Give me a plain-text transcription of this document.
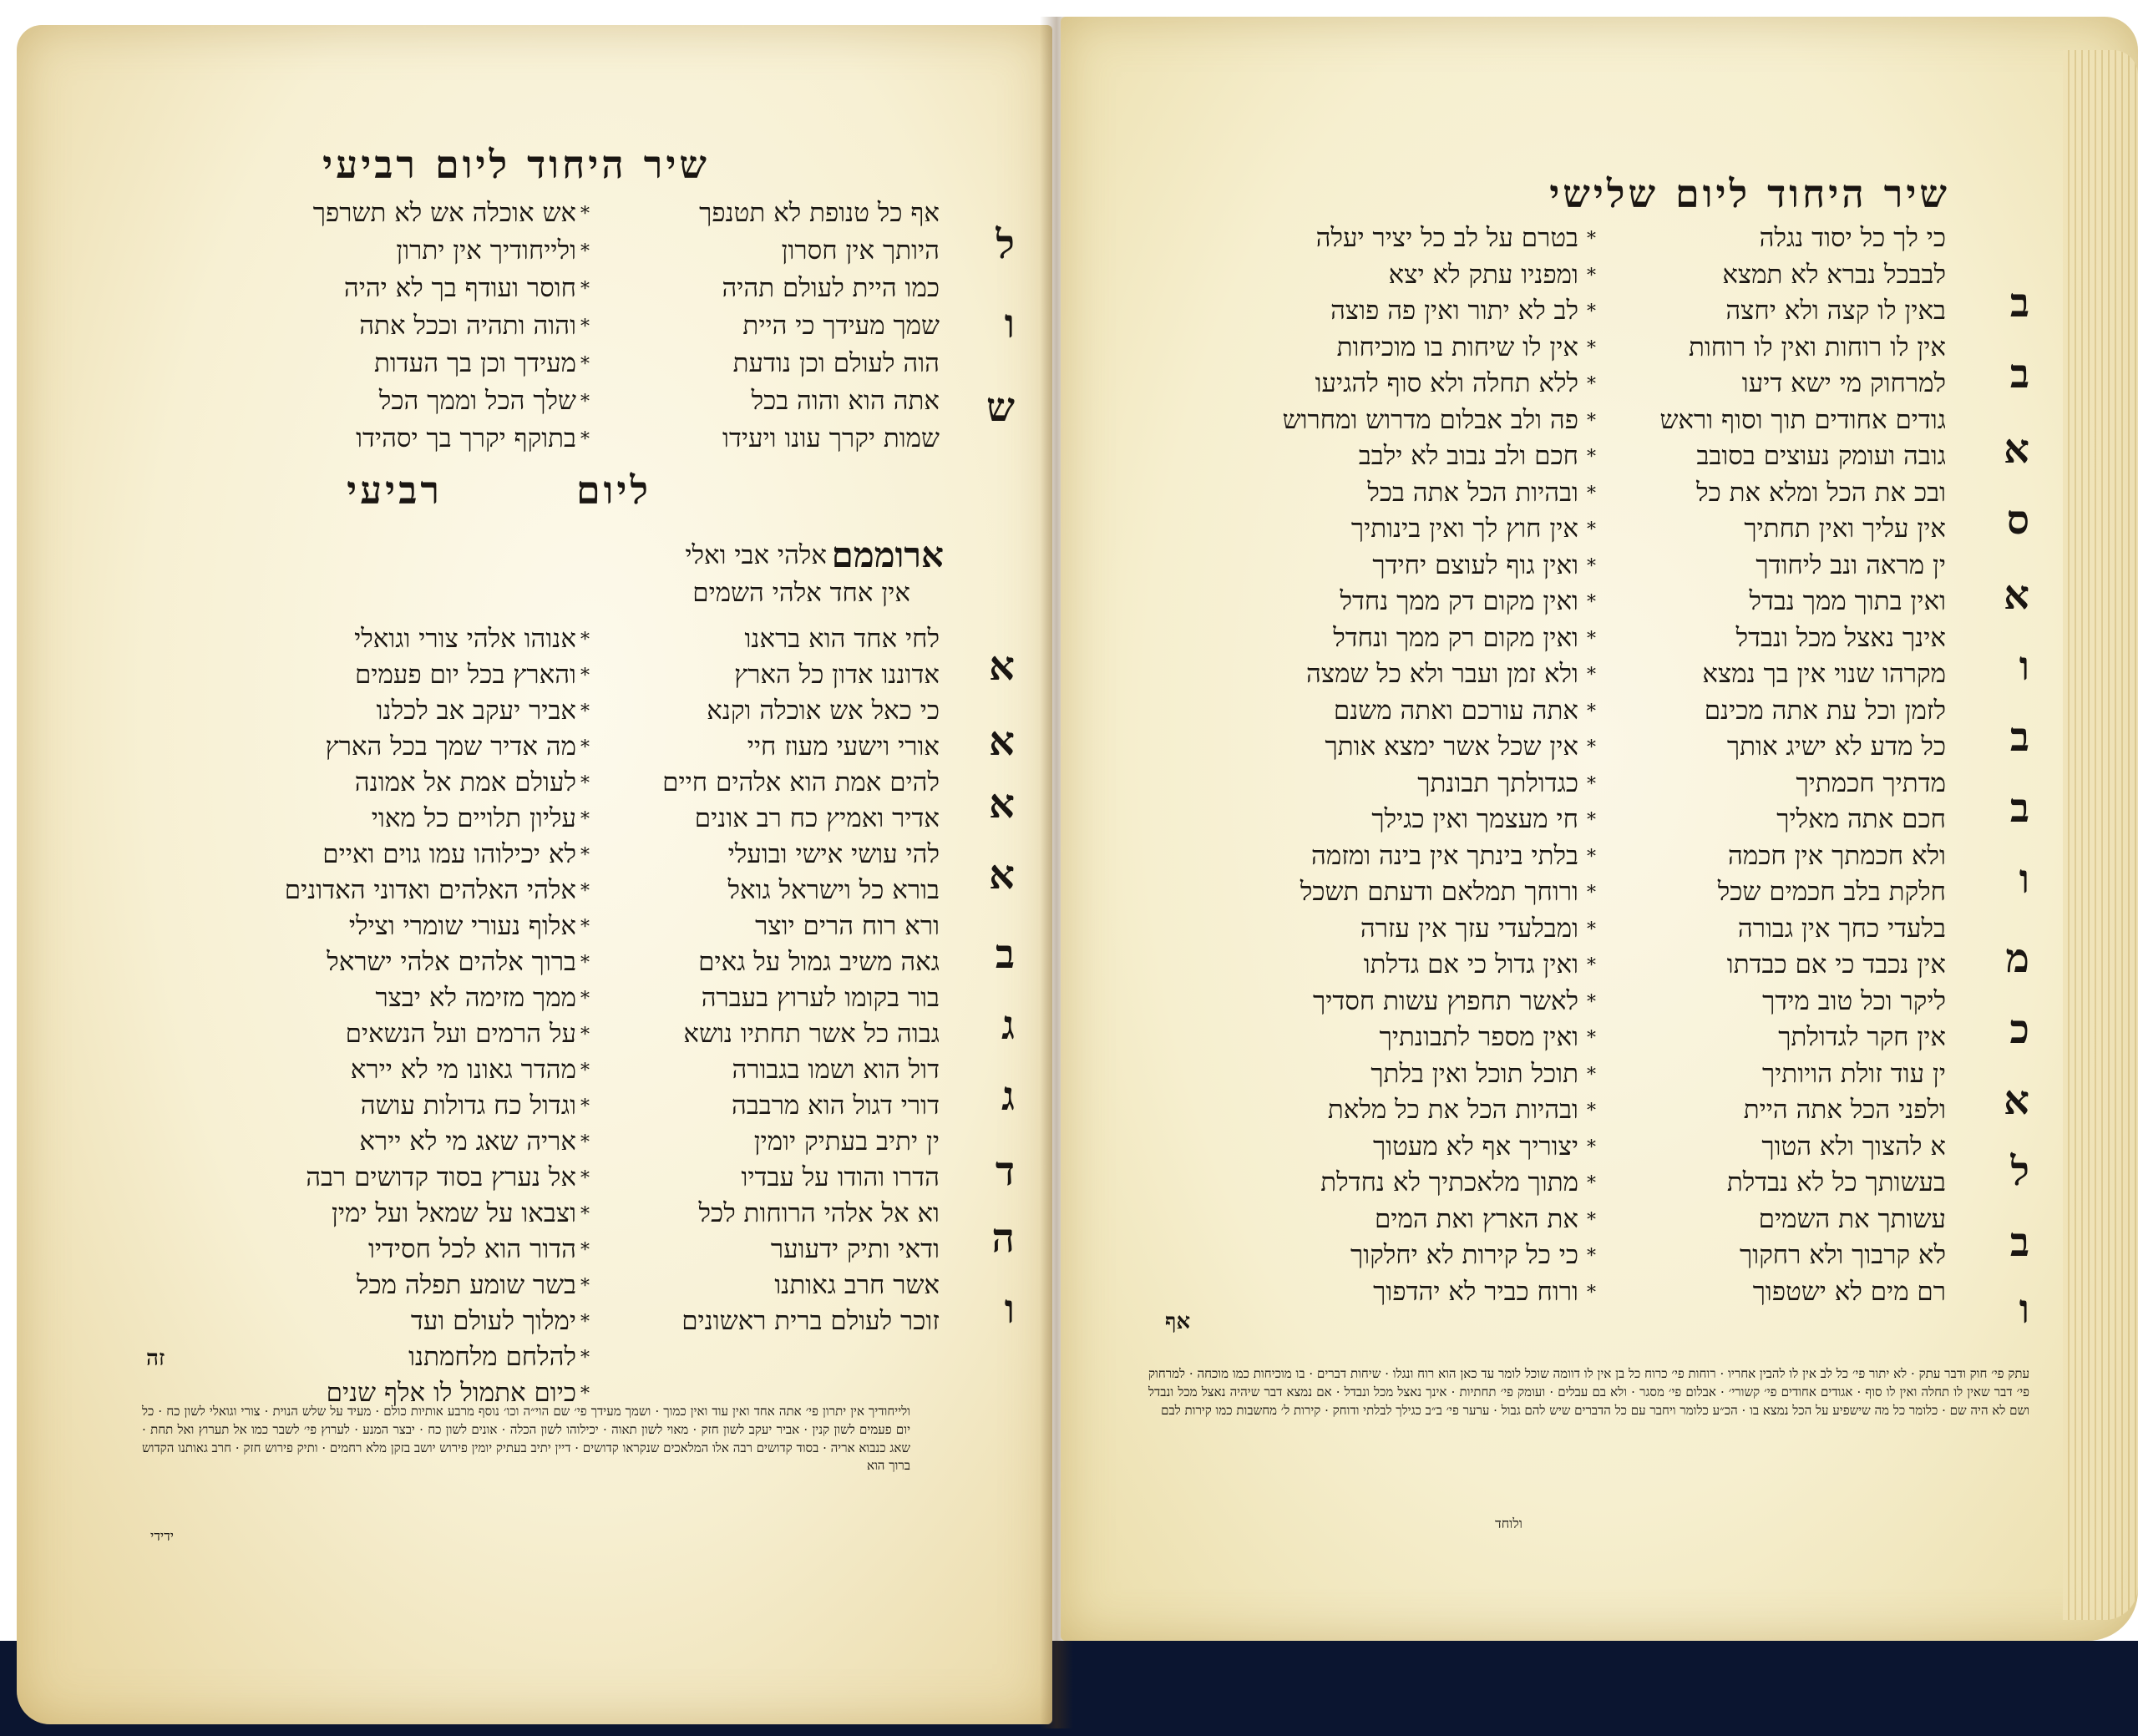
שיר היחוד ליום רביעי
אף כל טנופת לא תטנפך
אש אוכלה אש לא תשרפך *
היותך אין חסרון
ולייחודיך אין יתרון *
כמו היית לעולם תהיה
חוסר ועודף בך לא יהיה *
שמך מעידך כי היית
והוה ותהיה וככל אתה *
הוה לעולם וכן נודעת
מעידך וכן בך העדות *
אתה הוא והוה בכל
שלך הכל וממך הכל *
שמות יקרך עונו ויעידו
בתוקף יקרך בך יסהידו *
ליום
רביעי
ארוממם
אלהי אבי ואלי
אין אחד אלהי השמים
לחי אחד הוא בראנו
אנוהו אלהי צורי וגואלי *
אדוננו אדון כל הארץ
והארץ בכל יום פעמים *
כי כאל אש אוכלה וקנא
אביר יעקב אב לכלנו *
אורי וישעי מעוז חיי
מה אדיר שמך בכל הארץ *
להים אמת הוא אלהים חיים
לעולם אמת אל אמונה *
אדיר ואמיץ כח רב אונים
עליון תלויים כל מאוי *
להי עושי אישי ובועלי
לא יכילוהו עמו גוים ואיים *
בורא כל וישראל גואל
אלהי האלהים ואדוני האדונים *
ורא רוח הרים יוצר
אלוף נעורי שומרי וצילי *
גאה משיב גמול על גאים
ברוך אלהים אלהי ישראל *
בור בקומו לערוץ בעברה
ממך מזימה לא יבצר *
גבוה כל אשר תחתיו נושא
על הרמים ועל הנשאים *
דול הוא ושמו בגבורה
מהדר גאונו מי לא יירא *
דורי דגול הוא מרבבה
וגדול כח גדולות עושה *
ין יתיב בעתיק יומין
אריה שאג מי לא יירא *
הדרו והודו על עבדיו
אל נערץ בסוד קדושים רבה *
וא אל אלהי הרוחות לכל
וצבאו על שמאל ועל ימין *
ודאי ותיק ידעוער
הדור הוא לכל חסידיו *
אשר חרב גאותנו
בשר שומע תפלה מכל *
זוכר לעולם ברית ראשונים
ימלוך לעולם ועד *
להלחם מלחמתנו *
כיום אתמול לו אלף שנים *
ל
ו
ש
א
א
א
א
ב
ג
ג
ד
ה
ו
זה
ולייחודיך אין יתרון פי׳ אתה אחד ואין עוד ואין כמוך · ושמך מעידך פי׳ שם הוי״ה וכו׳ נוסף מרבע אותיות כולם · מעיד על שלש הנוית · צורי וגואלי לשון כח · כל יום פעמים לשון קנין · אביר יעקב לשון חזק · מאוי לשון תאוה · יכילוהו לשון הכלה · אונים לשון כח · יבצר המנע · לערוץ פי׳ לשבר כמו אל תערוץ ואל תחת · שאג כנבוא אריה · בסוד קדושים רבה אלו המלאכים שנקראו קדושים · דיין יתיב בעתיק יומין פירוש יושב בזקן מלא רחמים · ותיק פירוש חזק · חרב גאותנו הקדוש ברוך הוא
ידידי
שיר היחוד ליום שלישי
כי לך כל יסוד נגלה
בטרם על לב כל יציר יעלה *
לבבכל נברא לא תמצא
ומפניו עתק לא יצא *
באין לו קצה ולא יחצה
לב לא יתור ואין פה פוצה *
אין לו רוחות ואין לו רוחות
אין לו שיחות בו מוכיחות *
למרחוק מי ישא דיעו
ללא תחלה ולא סוף להגיעו *
גודים אחודים תוך וסוף וראש
פה ולב אבלום מדרוש ומחרוש *
גובה ועומק נעוצים בסובב
חכם ולב נבוב לא ילבב *
ובכ את הכל ומלא את כל
ובהיות הכל אתה בכל *
אין עליך ואין תחתיך
אין חוץ לך ואין בינותיך *
ין מראה ונב ליחודך
ואין גוף לעוצם יחידך *
ואין בתוך ממך נבדל
ואין מקום דק ממך נחדל *
אינך נאצל מכל ונבדל
ואין מקום רק ממך ונחדל *
מקרהו שנוי אין בך נמצא
ולא זמן ועבר ולא כל שמצה *
לזמן וכל עת אתה מכינם
אתה עורכם ואתה משנם *
כל מדע לא ישיג אותך
אין שכל אשר ימצא אותך *
מדתיך חכמתיך
כגדולתך תבונתך *
חכם אתה מאליך
חי מעצמך ואין כגילך *
ולא חכמתך אין חכמה
בלתי בינתך אין בינה ומזמה *
חלקת בלב חכמים שכל
ורוחך תמלאם ודעתם תשכל *
בלעדי כחך אין גבורה
ומבלעדי עזך אין עזרה *
אין נכבד כי אם כבדתו
ואין גדול כי אם גדלתו *
ליקר וכל טוב מידך
לאשר תחפוץ עשות חסדיך *
אין חקר לגדולתך
ואין מספר לתבונתיך *
ין עוד זולת הויותיך
תוכל תוכל ואין בלתך *
ולפני הכל אתה היית
ובהיות הכל את כל מלאת *
א להצוך ולא הטוך
יצוריך אף לא מעטוך *
בעשותך כל לא נבדלת
מתוך מלאכתיך לא נחדלת *
עשותך את השמים
את הארץ ואת המים *
לא קרבוך ולא רחקוך
כי כל קירות לא יחלקוך *
רם מים לא ישטפוך
ורוח כביר לא יהדפוך *
ב
ב
א
ס
א
ו
ב
ב
ו
מ
כ
א
ל
ב
ו
אף
עתק פי׳ חוק ודבר עתק · לא יתור פי׳ כל לב אין לו להבין אחריו · רוחות פי׳ כרוח כל בן אין לו דוומה שוכל לומר עד כאן הוא רוח ונגלו · שיחות דברים · בו מוכיחות כמו מוכחה · למרחוק פי׳ דבר שאין לו תחלה ואין לו סוף · אגודים אחודים פי׳ קשורי׳ · אבלום פי׳ מסגר · ולא בם עבלים · ועומק פי׳ תחתיות · אינך נאצל מכל ונבדל · אם נמצא דבר שיהיה נאצל מכל ונבדל ושם לא היה שם · כלומר כל מה שישפיע על הכל נמצא בו · הכ״ע כלומר ויחבר עם כל הדברים שיש להם גבול · ערער פי׳ ב״ב כגילך לבלתי ודוחק · קירות ל׳ מחשבות כמו קירות לבם
ולוחד
